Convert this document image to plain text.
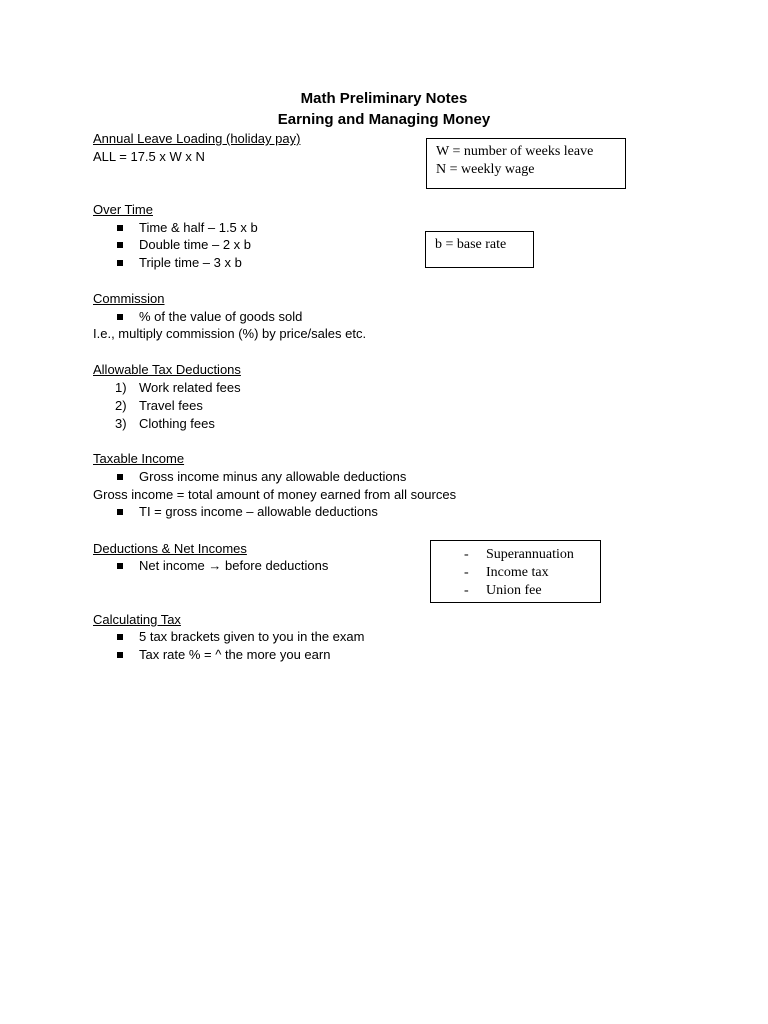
Math Preliminary Notes
Earning and Managing Money
Annual Leave Loading (holiday pay)
ALL = 17.5 x W x N	W = number of weeks leave
N = weekly wage
Over Time
Time & half – 1.5 x b
Double time – 2 x b
Triple time – 3 x b
b = base rate
Commission
% of the value of goods sold
I.e., multiply commission (%) by price/sales etc.
Allowable Tax Deductions
1) Work related fees
2) Travel fees
3) Clothing fees
Taxable Income
Gross income minus any allowable deductions
Gross income = total amount of money earned from all sources
TI = gross income – allowable deductions
Deductions & Net Incomes
Net income → before deductions
- Superannuation
- Income tax
- Union fee
Calculating Tax
5 tax brackets given to you in the exam
Tax rate % = ^ the more you earn
